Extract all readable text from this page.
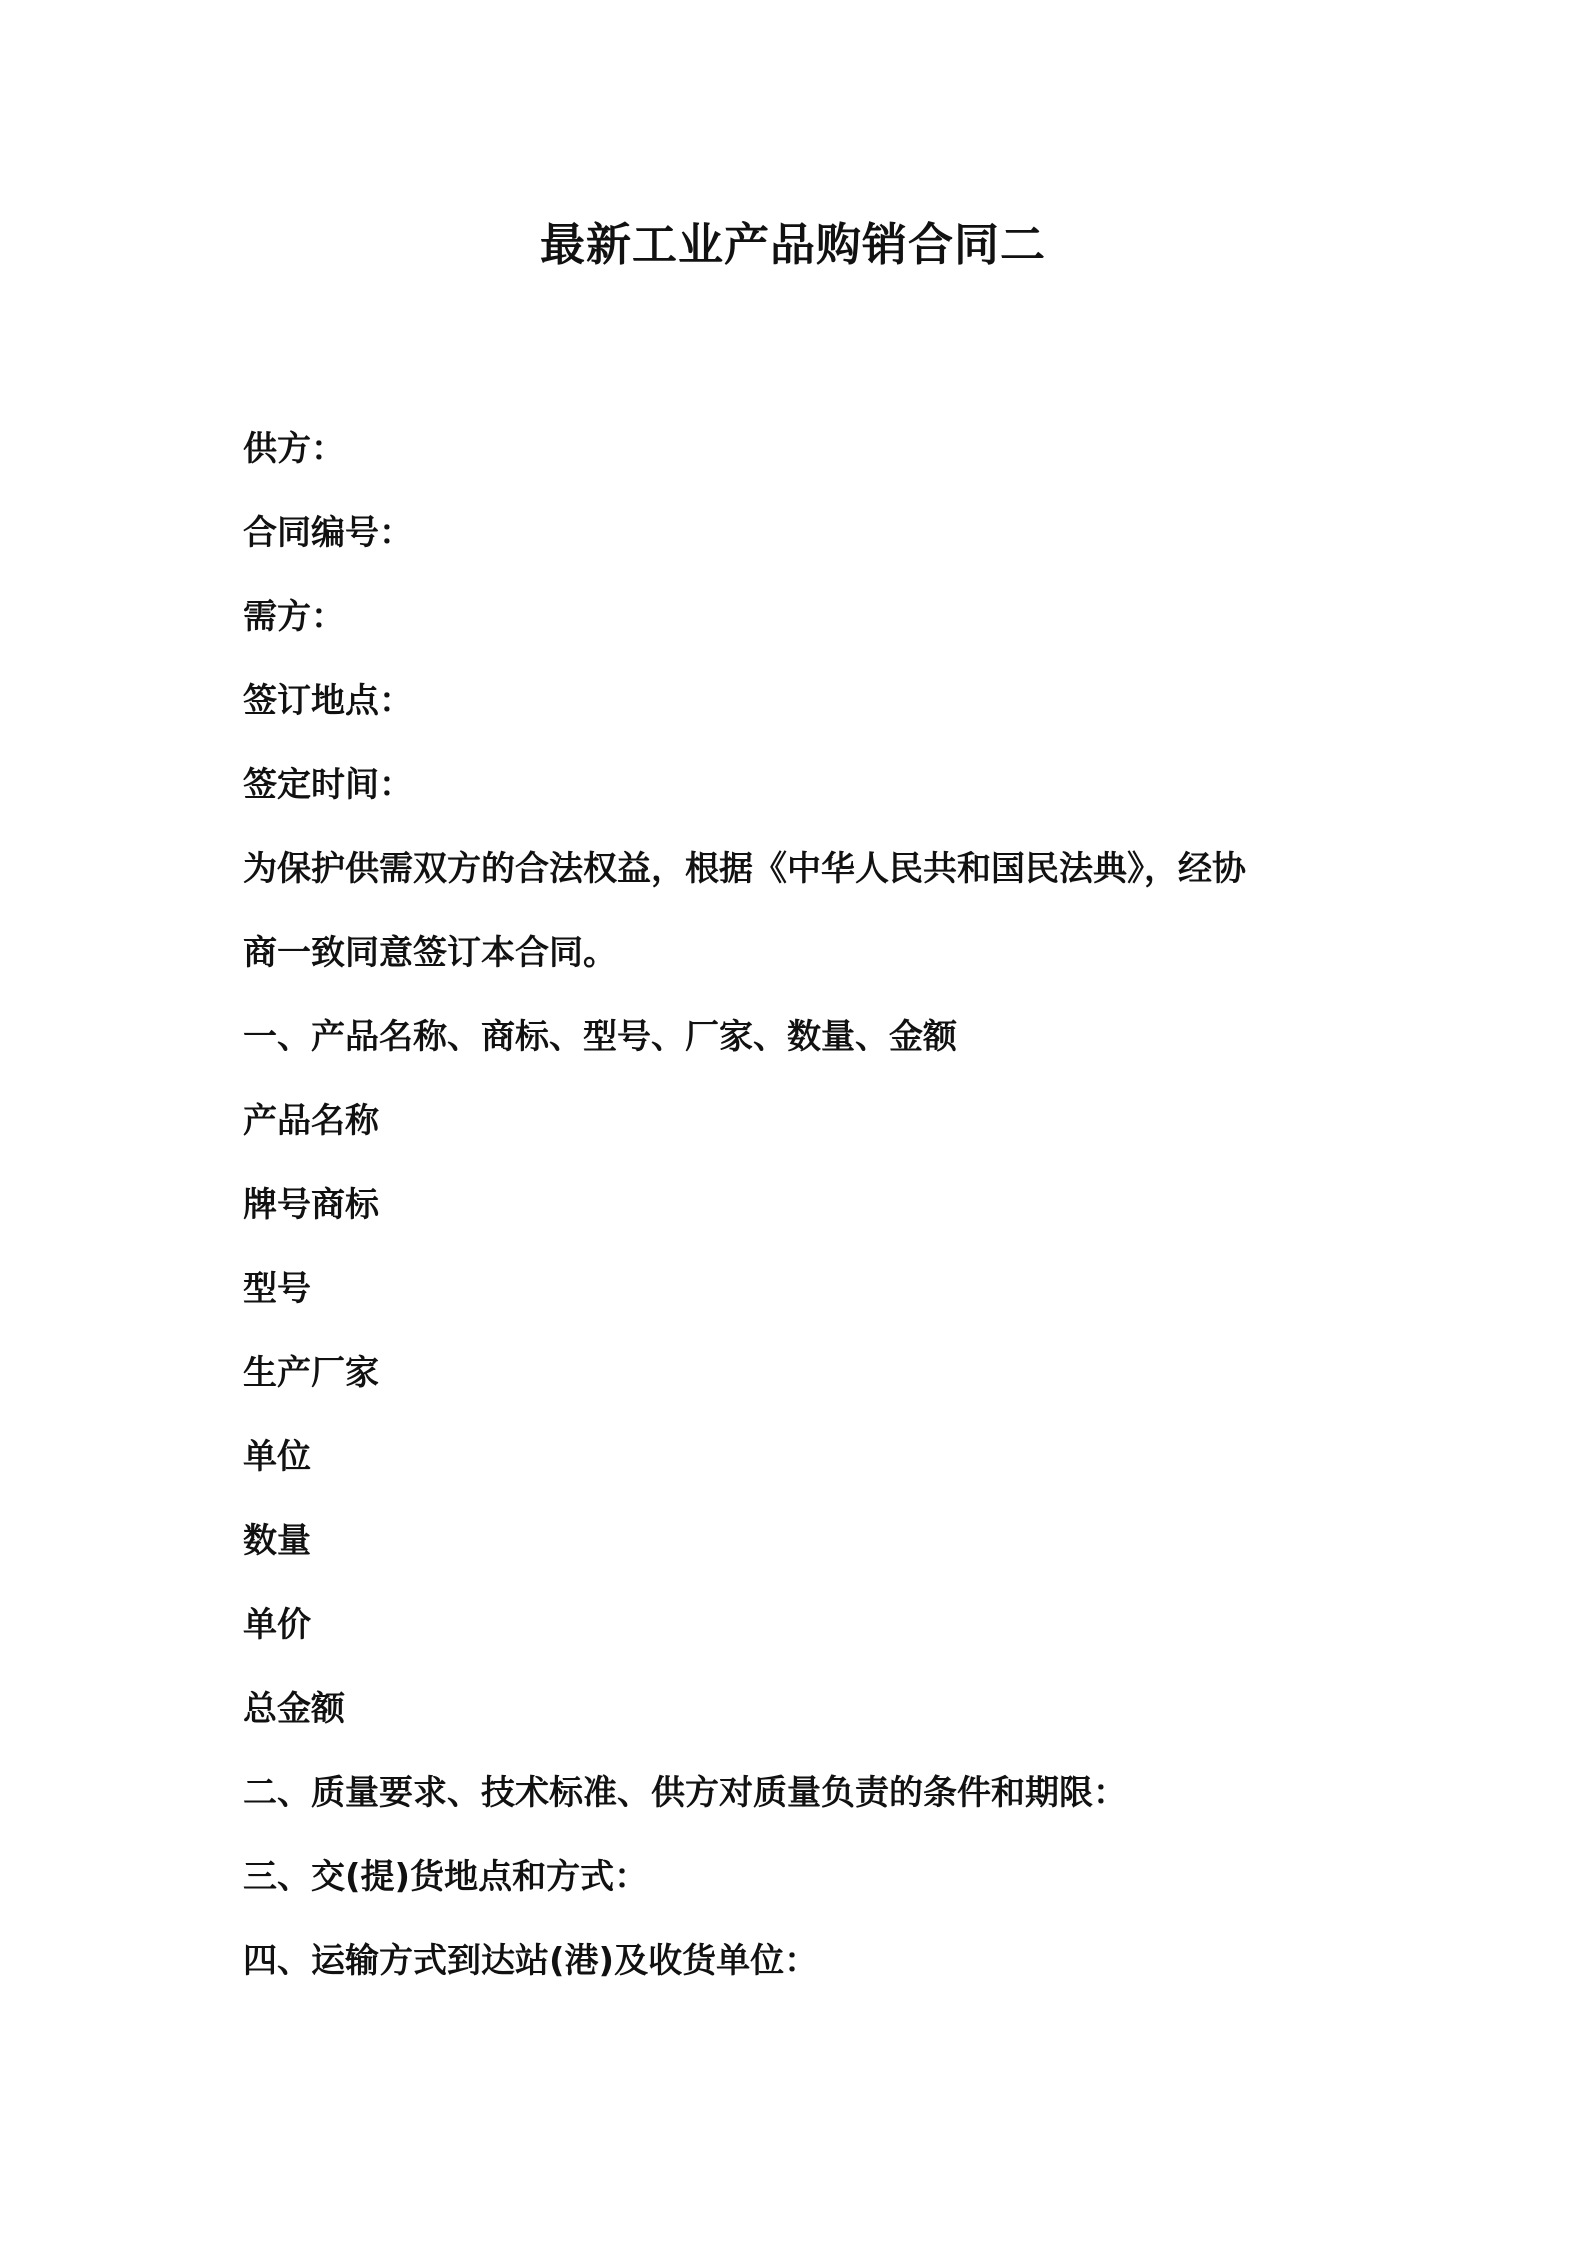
最新工业产品购销合同二
供方：
合同编号：
需方：
签订地点：
签定时间：
为保护供需双方的合法权益，根据《中华人民共和国民法典》，经协
商一致同意签订本合同。
一、产品名称、商标、型号、厂家、数量、金额
产品名称
牌号商标
型号
生产厂家
单位
数量
单价
总金额
二、质量要求、技术标准、供方对质量负责的条件和期限：
三、交(提)货地点和方式：
四、运输方式到达站(港)及收货单位：
